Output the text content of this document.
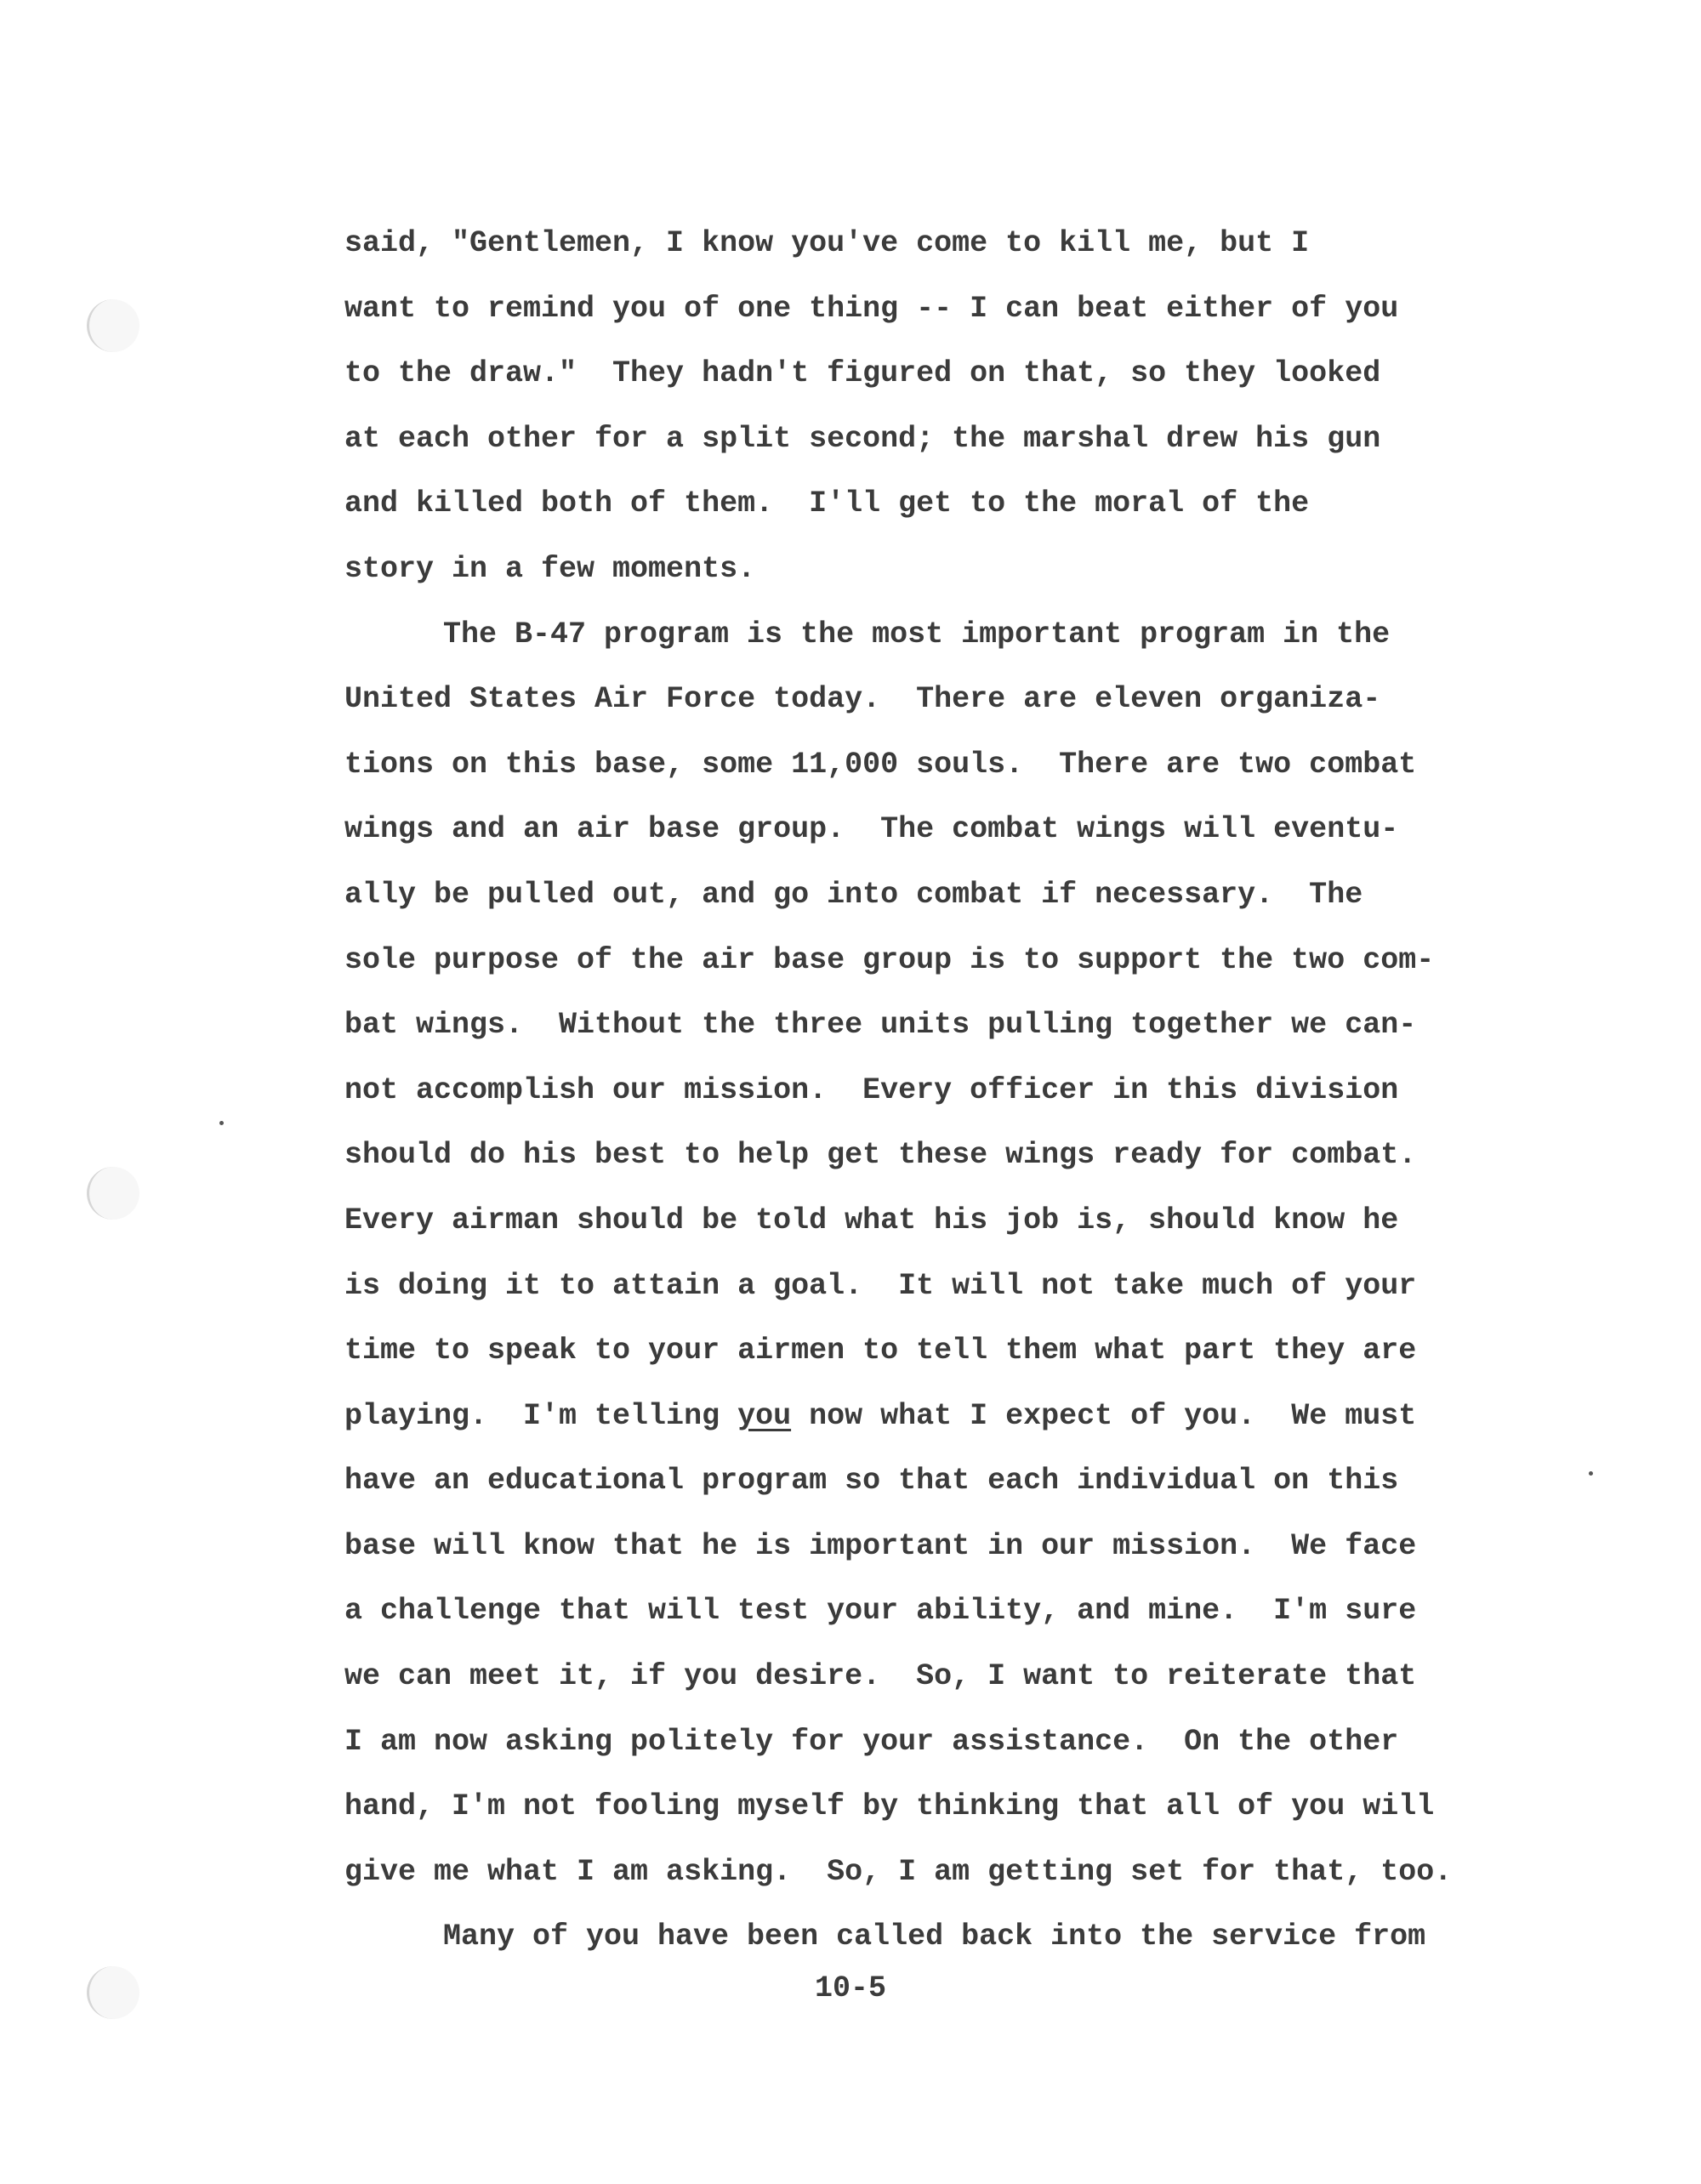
said, "Gentlemen, I know you've come to kill me, but I
want to remind you of one thing -- I can beat either of you
to the draw."  They hadn't figured on that, so they looked
at each other for a split second; the marshal drew his gun
and killed both of them.  I'll get to the moral of the
story in a few moments.
The B-47 program is the most important program in the
United States Air Force today.  There are eleven organiza-
tions on this base, some 11,000 souls.  There are two combat
wings and an air base group.  The combat wings will eventu-
ally be pulled out, and go into combat if necessary.  The
sole purpose of the air base group is to support the two com-
bat wings.  Without the three units pulling together we can-
not accomplish our mission.  Every officer in this division
should do his best to help get these wings ready for combat.
Every airman should be told what his job is, should know he
is doing it to attain a goal.  It will not take much of your
time to speak to your airmen to tell them what part they are
playing.  I'm telling you now what I expect of you.  We must
have an educational program so that each individual on this
base will know that he is important in our mission.  We face
a challenge that will test your ability, and mine.  I'm sure
we can meet it, if you desire.  So, I want to reiterate that
I am now asking politely for your assistance.  On the other
hand, I'm not fooling myself by thinking that all of you will
give me what I am asking.  So, I am getting set for that, too.
Many of you have been called back into the service from
10-5
